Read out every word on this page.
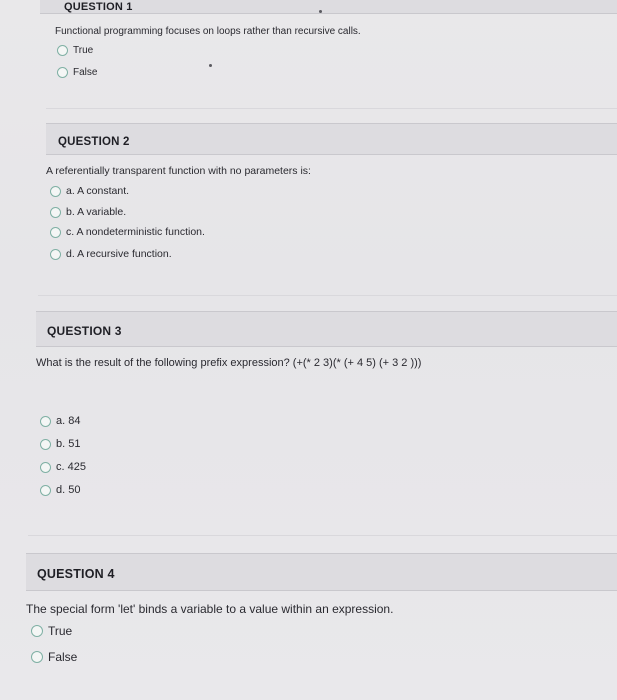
QUESTION 1
Functional programming focuses on loops rather than recursive calls.
True
False
QUESTION 2
A referentially transparent function with no parameters is:
a. A constant.
b. A variable.
c. A nondeterministic function.
d. A recursive function.
QUESTION 3
What is the result of the following prefix expression? (+(* 2 3)(* (+ 4 5) (+ 3 2 )))
a. 84
b. 51
c. 425
d. 50
QUESTION 4
The special form 'let' binds a variable to a value within an expression.
True
False
